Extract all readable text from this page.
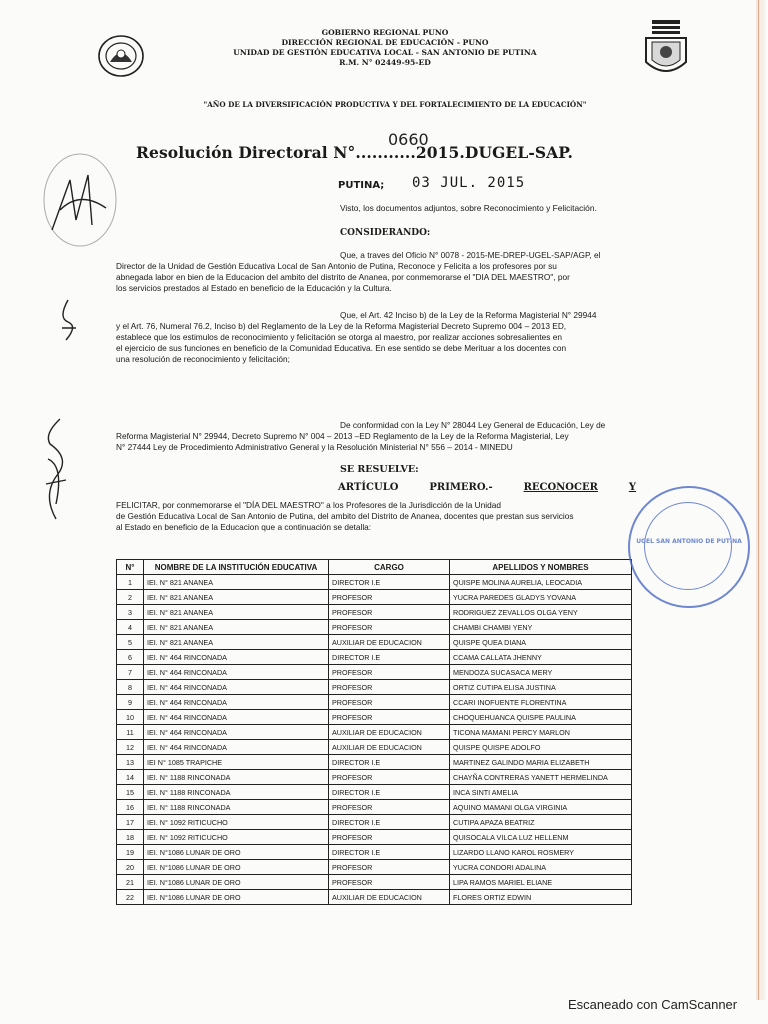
GOBIERNO REGIONAL PUNO
DIRECCIÓN REGIONAL DE EDUCACIÓN - PUNO
UNIDAD DE GESTIÓN EDUCATIVA LOCAL - SAN ANTONIO DE PUTINA
R.M. N° 02449-95-ED
"AÑO DE LA DIVERSIFICACIÓN PRODUCTIVA Y DEL FORTALECIMIENTO DE LA EDUCACIÓN"
Resolución Directoral N°...........2015.DUGEL-SAP.
0660
PUTINA; 03 JUL. 2015
Visto, los documentos adjuntos, sobre Reconocimiento y Felicitación.
CONSIDERANDO:
Que, a traves del Oficio N° 0078 - 2015-ME-DREP-UGEL-SAP/AGP, el
Director de la Unidad de Gestión Educativa Local de San Antonio de Putina, Reconoce y Felicita a los profesores por su
abnegada labor en bien de la Educacion del ambito del distrito de Ananea, por conmemorarse el "DIA DEL MAESTRO", por
los servicios prestados al Estado en beneficio de la Educación y la Cultura.
Que, el Art. 42 Inciso b) de la Ley de la Reforma Magisterial N° 29944
y el Art. 76, Numeral 76.2, Inciso b) del Reglamento de la Ley de la Reforma Magisterial Decreto Supremo 004 – 2013 ED,
establece que los estimulos de reconocimiento y felicitación se otorga al maestro, por realizar acciones sobresalientes en
el ejercicio de sus funciones en beneficio de la Comunidad Educativa. En ese sentido se debe Merituar a los docentes con
una resolución de reconocimiento y felicitación;
De conformidad con la Ley N° 28044 Ley General de Educación, Ley de
Reforma Magisterial N° 29944, Decreto Supremo N° 004 – 2013 –ED Reglamento de la Ley de la Reforma Magisterial, Ley
N° 27444 Ley de Procedimiento Administrativo General y la Resolución Ministerial N° 556 – 2014 - MINEDU
SE RESUELVE:
ARTÍCULO	PRIMERO.-	RECONOCER	Y
FELICITAR, por conmemorarse el "DÍA DEL MAESTRO" a los Profesores de la Jurisdicción de la Unidad
de Gestión Educativa Local de San Antonio de Putina, del ambito del Distrito de Ananea, docentes que prestan sus servicios
al Estado en beneficio de la Educacion que a continuación se detalla:
N°	NOMBRE DE LA INSTITUCIÓN EDUCATIVA	CARGO	APELLIDOS Y NOMBRES
1	IEI. N° 821 ANANEA	DIRECTOR I.E	QUISPE MOLINA AURELIA, LEOCADIA
2	IEI. N° 821 ANANEA	PROFESOR	YUCRA PAREDES GLADYS YOVANA
3	IEI. N° 821 ANANEA	PROFESOR	RODRIGUEZ ZEVALLOS OLGA YENY
4	IEI. N° 821 ANANEA	PROFESOR	CHAMBI CHAMBI YENY
5	IEI. N° 821 ANANEA	AUXILIAR DE EDUCACION	QUISPE QUEA DIANA
6	IEI. N° 464 RINCONADA	DIRECTOR I.E	CCAMA CALLATA JHENNY
7	IEI. N° 464 RINCONADA	PROFESOR	MENDOZA SUCASACA MERY
8	IEI. N° 464 RINCONADA	PROFESOR	ORTIZ CUTIPA ELISA JUSTINA
9	IEI. N° 464 RINCONADA	PROFESOR	CCARI INOFUENTE FLORENTINA
10	IEI. N° 464 RINCONADA	PROFESOR	CHOQUEHUANCA QUISPE PAULINA
11	IEI. N° 464 RINCONADA	AUXILIAR DE EDUCACION	TICONA MAMANI PERCY MARLON
12	IEI. N° 464 RINCONADA	AUXILIAR DE EDUCACION	QUISPE QUISPE ADOLFO
13	IEI N° 1085 TRAPICHE	DIRECTOR I.E	MARTINEZ GALINDO MARIA ELIZABETH
14	IEI. N° 1188 RINCONADA	PROFESOR	CHAYÑA CONTRERAS YANETT HERMELINDA
15	IEI. N° 1188 RINCONADA	DIRECTOR I.E	INCA SINTI AMELIA
16	IEI. N° 1188 RINCONADA	PROFESOR	AQUINO MAMANI OLGA VIRGINIA
17	IEI. N° 1092 RITICUCHO	DIRECTOR I.E	CUTIPA APAZA BEATRIZ
18	IEI. N° 1092 RITICUCHO	PROFESOR	QUISOCALA VILCA LUZ HELLENM
19	IEI. N°1086 LUNAR DE ORO	DIRECTOR I.E	LIZARDO LLANO KAROL ROSMERY
20	IEI. N°1086 LUNAR DE ORO	PROFESOR	YUCRA CONDORI ADALINA
21	IEI. N°1086 LUNAR DE ORO	PROFESOR	LIPA RAMOS MARIEL ELIANE
22	IEI. N°1086 LUNAR DE ORO	AUXILIAR DE EDUCACION	FLORES ORTIZ EDWIN
UGEL SAN ANTONIO DE PUTINA
Escaneado con CamScanner
